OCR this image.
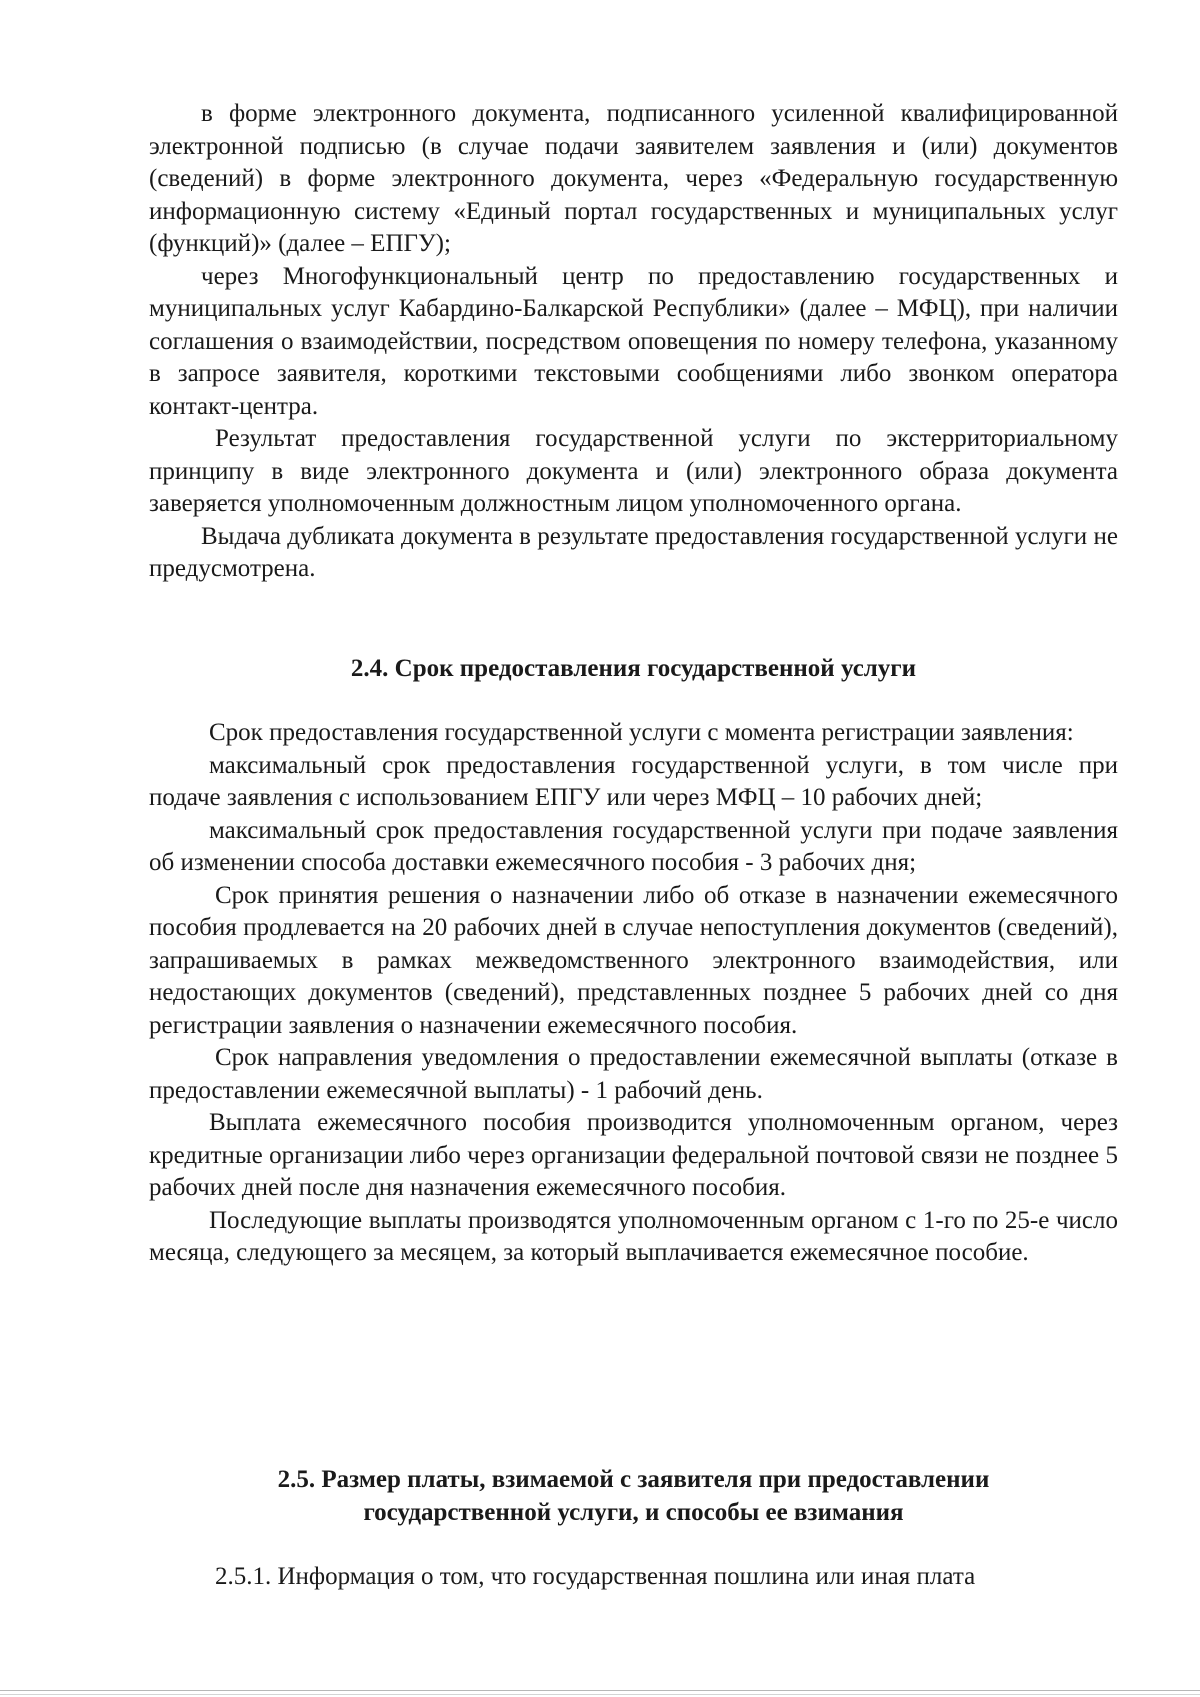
в форме электронного документа, подписанного усиленной квалифицированной электронной подписью (в случае подачи заявителем заявления и (или) документов (сведений) в форме электронного документа, через «Федеральную государственную информационную систему «Единый портал государственных и муниципальных услуг (функций)» (далее – ЕПГУ);

через Многофункциональный центр по предоставлению государственных и муниципальных услуг Кабардино-Балкарской Республики» (далее – МФЦ), при наличии соглашения о взаимодействии, посредством оповещения по номеру телефона, указанному в запросе заявителя, короткими текстовыми сообщениями либо звонком оператора контакт-центра.

Результат предоставления государственной услуги по экстерриториальному принципу в виде электронного документа и (или) электронного образа документа заверяется уполномоченным должностным лицом уполномоченного органа.

Выдача дубликата документа в результате предоставления государственной услуги не предусмотрена.

2.4. Срок предоставления государственной услуги

Срок предоставления государственной услуги с момента регистрации заявления:

максимальный срок предоставления государственной услуги, в том числе при подаче заявления с использованием ЕПГУ или через МФЦ – 10 рабочих дней;

максимальный срок предоставления государственной услуги при подаче заявления об изменении способа доставки ежемесячного пособия - 3 рабочих дня;

Срок принятия решения о назначении либо об отказе в назначении ежемесячного пособия продлевается на 20 рабочих дней в случае непоступления документов (сведений), запрашиваемых в рамках межведомственного электронного взаимодействия, или недостающих документов (сведений), представленных позднее 5 рабочих дней со дня регистрации заявления о назначении ежемесячного пособия.

Срок направления уведомления о предоставлении ежемесячной выплаты (отказе в предоставлении ежемесячной выплаты) - 1 рабочий день.

Выплата ежемесячного пособия производится уполномоченным органом, через кредитные организации либо через организации федеральной почтовой связи не позднее 5 рабочих дней после дня назначения ежемесячного пособия.

Последующие выплаты производятся уполномоченным органом с 1-го по 25-е число месяца, следующего за месяцем, за который выплачивается ежемесячное пособие.

2.5. Размер платы, взимаемой с заявителя при предоставлении

государственной услуги, и способы ее взимания

2.5.1. Информация о том, что государственная пошлина или иная плата
